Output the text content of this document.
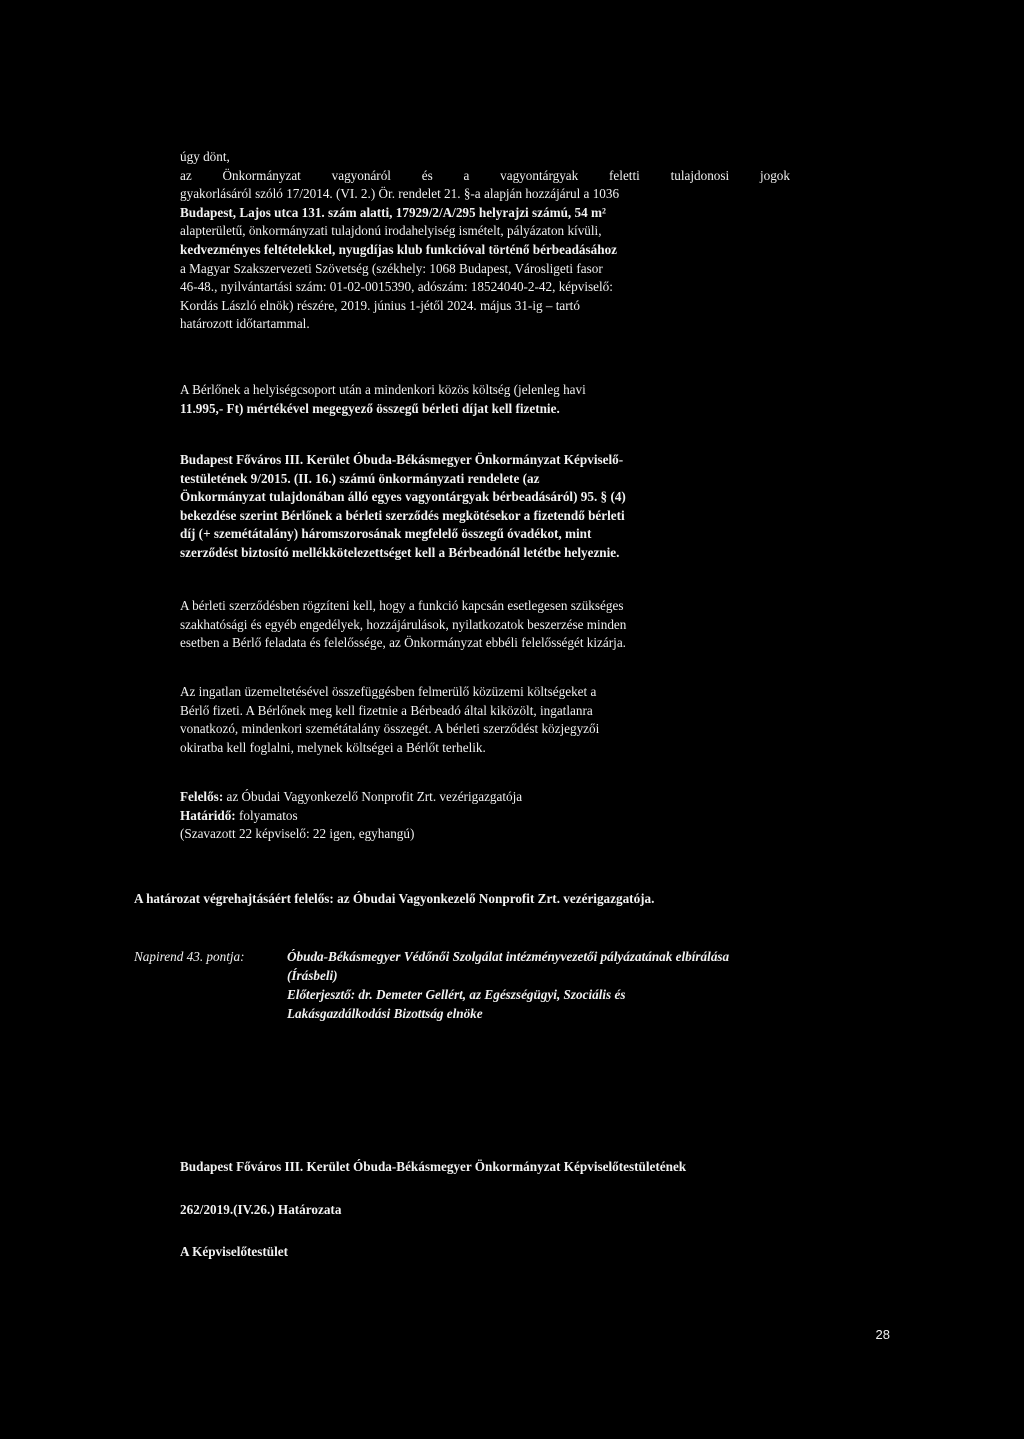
úgy dönt,
az Önkormányzat vagyonáról és a vagyontárgyak feletti tulajdonosi jogok
gyakorlásáról szóló 17/2014. (VI. 2.) Ör. rendelet 21. §-a alapján hozzájárul a 1036
Budapest, Lajos utca 131. szám alatti, 17929/2/A/295 helyrajzi számú, 54 m²
alapterületű, önkormányzati tulajdonú irodahelyiség ismételt, pályázaton kívüli,
kedvezményes feltételekkel, nyugdíjas klub funkcióval történő bérbeadásához
a Magyar Szakszervezeti Szövetség (székhely: 1068 Budapest, Városligeti fasor
46-48., nyilvántartási szám: 01-02-0015390, adószám: 18524040-2-42, képviselő:
Kordás László elnök) részére, 2019. június 1-jétől 2024. május 31-ig – tartó
határozott időtartammal.
A Bérlőnek a helyiségcsoport után a mindenkori közös költség (jelenleg havi
11.995,- Ft) mértékével megegyező összegű bérleti díjat kell fizetnie.
Budapest Főváros III. Kerület Óbuda-Békásmegyer Önkormányzat Képviselő-
testületének 9/2015. (II. 16.) számú önkormányzati rendelete (az
Önkormányzat tulajdonában álló egyes vagyontárgyak bérbeadásáról) 95. § (4)
bekezdése szerint Bérlőnek a bérleti szerződés megkötésekor a fizetendő bérleti
díj (+ szemétátalány) háromszorosának megfelelő összegű óvadékot, mint
szerződést biztosító mellékkötelezettséget kell a Bérbeadónál letétbe helyeznie.
A bérleti szerződésben rögzíteni kell, hogy a funkció kapcsán esetlegesen szükséges
szakhatósági és egyéb engedélyek, hozzájárulások, nyilatkozatok beszerzése minden
esetben a Bérlő feladata és felelőssége, az Önkormányzat ebbéli felelősségét kizárja.
Az ingatlan üzemeltetésével összefüggésben felmerülő közüzemi költségeket a
Bérlő fizeti. A Bérlőnek meg kell fizetnie a Bérbeadó által kiközölt, ingatlanra
vonatkozó, mindenkori szemétátalány összegét. A bérleti szerződést közjegyzői
okiratba kell foglalni, melynek költségei a Bérlőt terhelik.
Felelős: az Óbudai Vagyonkezelő Nonprofit Zrt. vezérigazgatója
Határidő: folyamatos
(Szavazott 22 képviselő: 22 igen, egyhangú)
A határozat végrehajtásáért felelős: az Óbudai Vagyonkezelő Nonprofit Zrt. vezérigazgatója.
Napirend 43. pontja:	Óbuda-Békásmegyer Védőnői Szolgálat intézményvezetői pályázatának elbírálása
(Írásbeli)
Előterjesztő: dr. Demeter Gellért, az Egészségügyi, Szociális és
Lakásgazdálkodási Bizottság elnöke
Budapest Főváros III. Kerület Óbuda-Békásmegyer Önkormányzat Képviselőtestületének
262/2019.(IV.26.) Határozata
A Képviselőtestület
28
